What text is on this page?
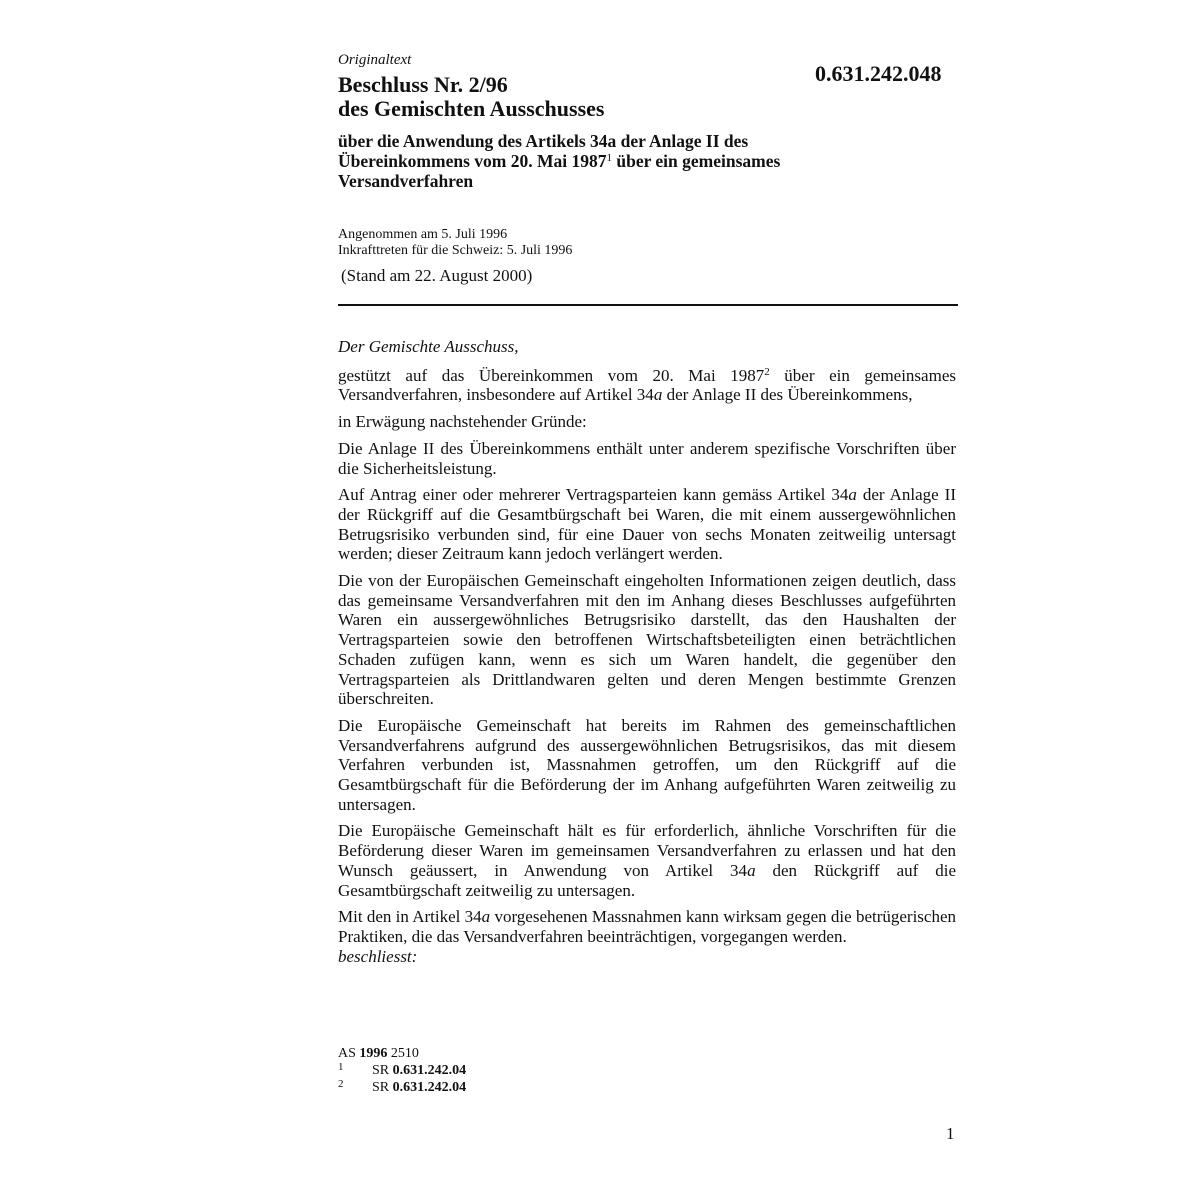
Originaltext
0.631.242.048
Beschluss Nr. 2/96
des Gemischten Ausschusses
über die Anwendung des Artikels 34a der Anlage II des
Übereinkommens vom 20. Mai 1987$^1$ über ein gemeinsames
Versandverfahren
Angenommen am 5. Juli 1996
Inkrafttreten für die Schweiz: 5. Juli 1996
(Stand am 22. August 2000)

Der Gemischte Ausschuss,

gestützt auf das Übereinkommen vom 20. Mai 1987$^2$ über ein gemeinsames Versandverfahren, insbesondere auf Artikel 34a der Anlage II des Übereinkommens,

in Erwägung nachstehender Gründe:

Die Anlage II des Übereinkommens enthält unter anderem spezifische Vorschriften über die Sicherheitsleistung.

Auf Antrag einer oder mehrerer Vertragsparteien kann gemäss Artikel 34a der Anlage II der Rückgriff auf die Gesamtbürgschaft bei Waren, die mit einem aussergewöhnlichen Betrugsrisiko verbunden sind, für eine Dauer von sechs Monaten zeitweilig untersagt werden; dieser Zeitraum kann jedoch verlängert werden.

Die von der Europäischen Gemeinschaft eingeholten Informationen zeigen deutlich, dass das gemeinsame Versandverfahren mit den im Anhang dieses Beschlusses aufgeführten Waren ein aussergewöhnliches Betrugsrisiko darstellt, das den Haushalten der Vertragsparteien sowie den betroffenen Wirtschaftsbeteiligten einen beträchtlichen Schaden zufügen kann, wenn es sich um Waren handelt, die gegenüber den Vertragsparteien als Drittlandwaren gelten und deren Mengen bestimmte Grenzen überschreiten.

Die Europäische Gemeinschaft hat bereits im Rahmen des gemeinschaftlichen Versandverfahrens aufgrund des aussergewöhnlichen Betrugsrisikos, das mit diesem Verfahren verbunden ist, Massnahmen getroffen, um den Rückgriff auf die Gesamtbürgschaft für die Beförderung der im Anhang aufgeführten Waren zeitweilig zu untersagen.

Die Europäische Gemeinschaft hält es für erforderlich, ähnliche Vorschriften für die Beförderung dieser Waren im gemeinsamen Versandverfahren zu erlassen und hat den Wunsch geäussert, in Anwendung von Artikel 34a den Rückgriff auf die Gesamtbürgschaft zeitweilig zu untersagen.

Mit den in Artikel 34a vorgesehenen Massnahmen kann wirksam gegen die betrügerischen Praktiken, die das Versandverfahren beeinträchtigen, vorgegangen werden.

beschliesst:

AS 1996 2510
1	SR
0.631.242.04
2	SR
0.631.242.04
1
